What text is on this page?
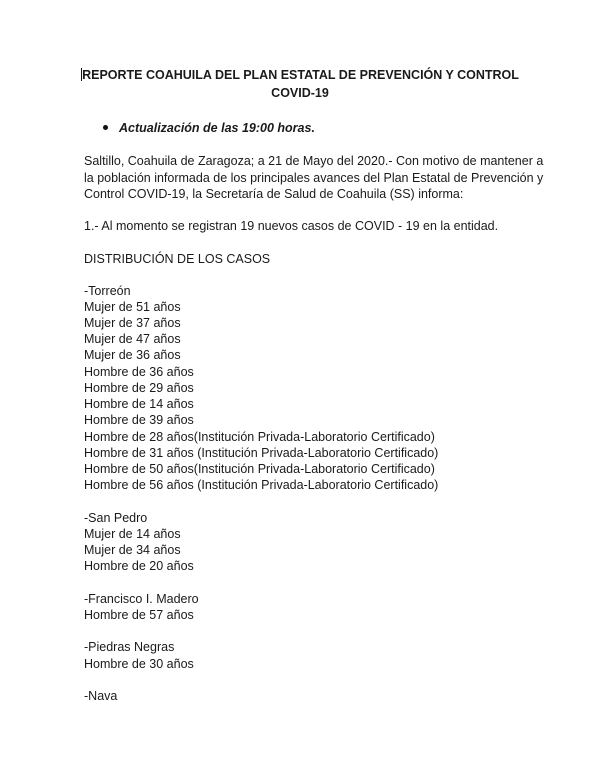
REPORTE COAHUILA DEL PLAN ESTATAL DE PREVENCIÓN Y CONTROL
COVID-19
Actualización de las 19:00 horas.
Saltillo, Coahuila de Zaragoza; a 21 de Mayo del 2020.- Con motivo de mantener a
la población informada de los principales avances del Plan Estatal de Prevención y
Control COVID-19, la Secretaría de Salud de Coahuila (SS) informa:
1.- Al momento se registran 19 nuevos casos de COVID - 19 en la entidad.
DISTRIBUCIÓN DE LOS CASOS
-Torreón
Mujer de 51 años
Mujer de 37 años
Mujer de 47 años
Mujer de 36 años
Hombre de 36 años
Hombre de 29 años
Hombre de 14 años
Hombre de 39 años
Hombre de 28 años(Institución Privada-Laboratorio Certificado)
Hombre de 31 años (Institución Privada-Laboratorio Certificado)
Hombre de 50 años(Institución Privada-Laboratorio Certificado)
Hombre de 56 años (Institución Privada-Laboratorio Certificado)
-San Pedro
Mujer de 14 años
Mujer de 34 años
Hombre de 20 años
-Francisco I. Madero
Hombre de 57 años
-Piedras Negras
Hombre de 30 años
-Nava
